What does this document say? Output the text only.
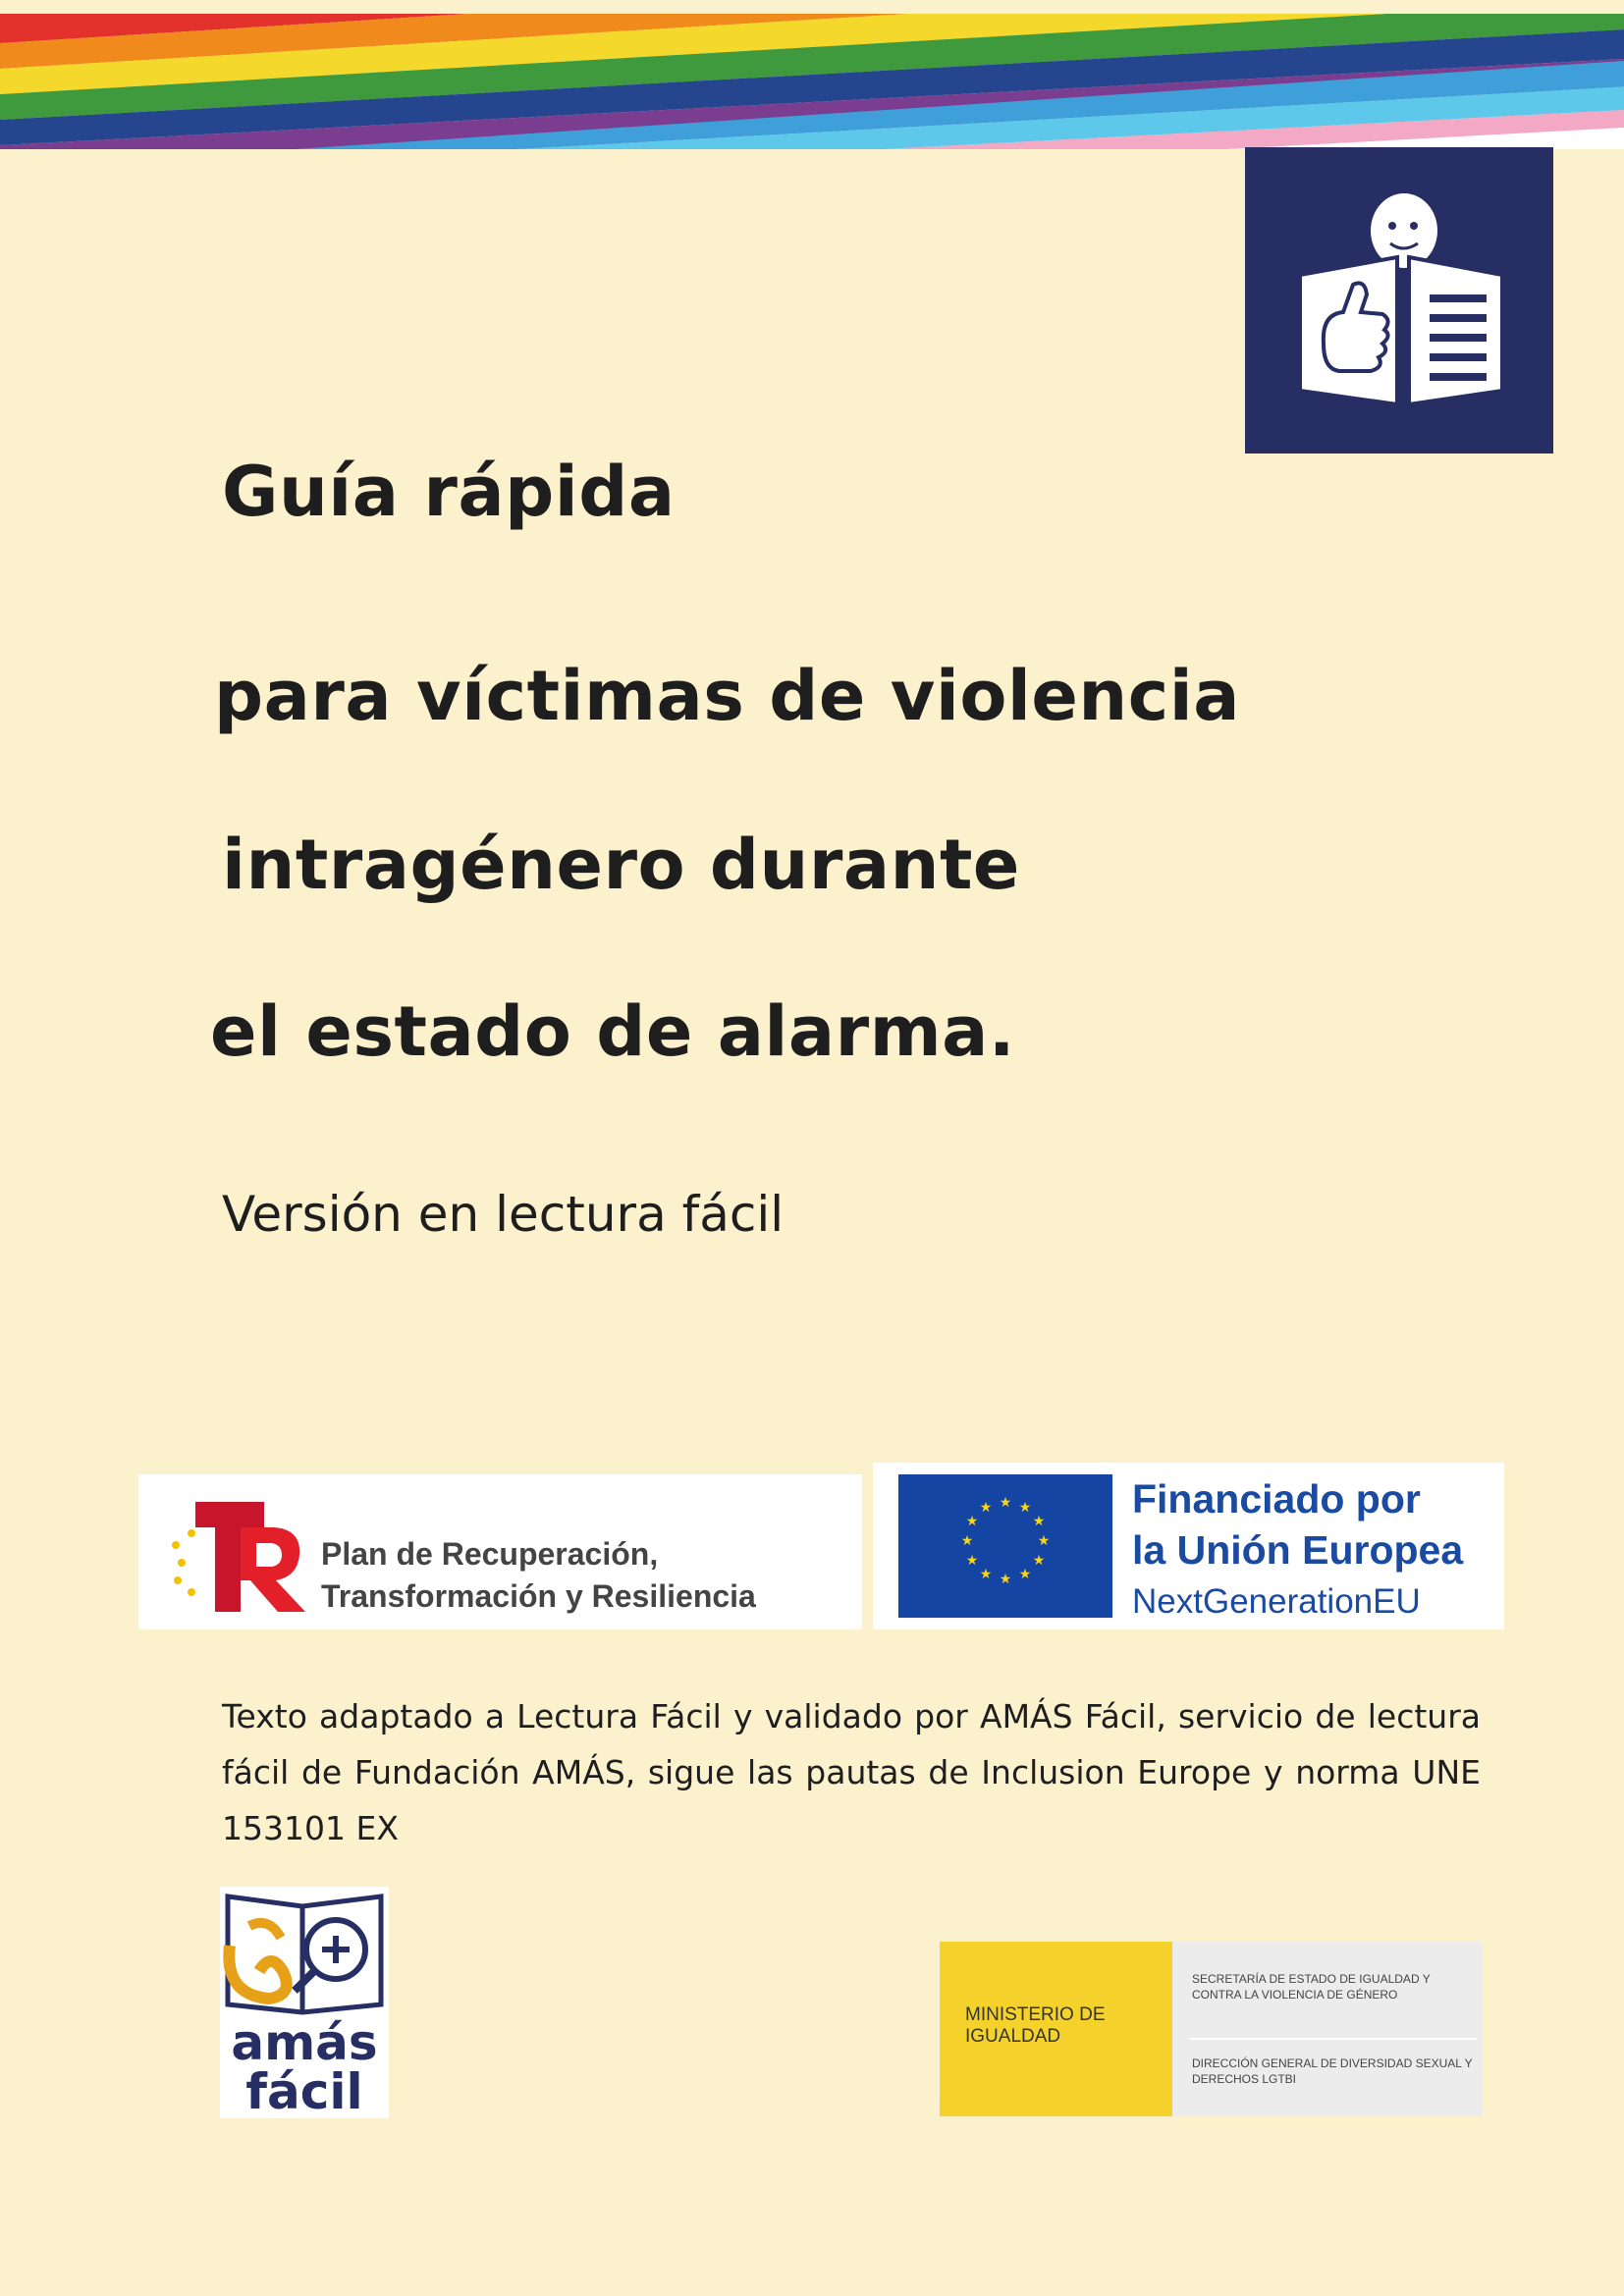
Guía rápida
para víctimas de violencia
intragénero durante
el estado de alarma.
Versión en lectura fácil
Plan de Recuperación,
Transformación y Resiliencia
★ ★
★
★
★
★
★
★
★
★
★
★	Financiado por
la Unión Europea
NextGenerationEU

Texto adaptado a Lectura Fácil y validado por AMÁS Fácil, servicio de lectura fácil de Fundación AMÁS, sigue las pautas de Inclusion Europe y norma UNE 153101 EX

amás
fácil
MINISTERIO DE IGUALDAD
SECRETARÍA DE ESTADO DE IGUALDAD Y CONTRA LA VIOLENCIA DE GÉNERO
DIRECCIÓN GENERAL DE DIVERSIDAD SEXUAL Y DERECHOS LGTBI
